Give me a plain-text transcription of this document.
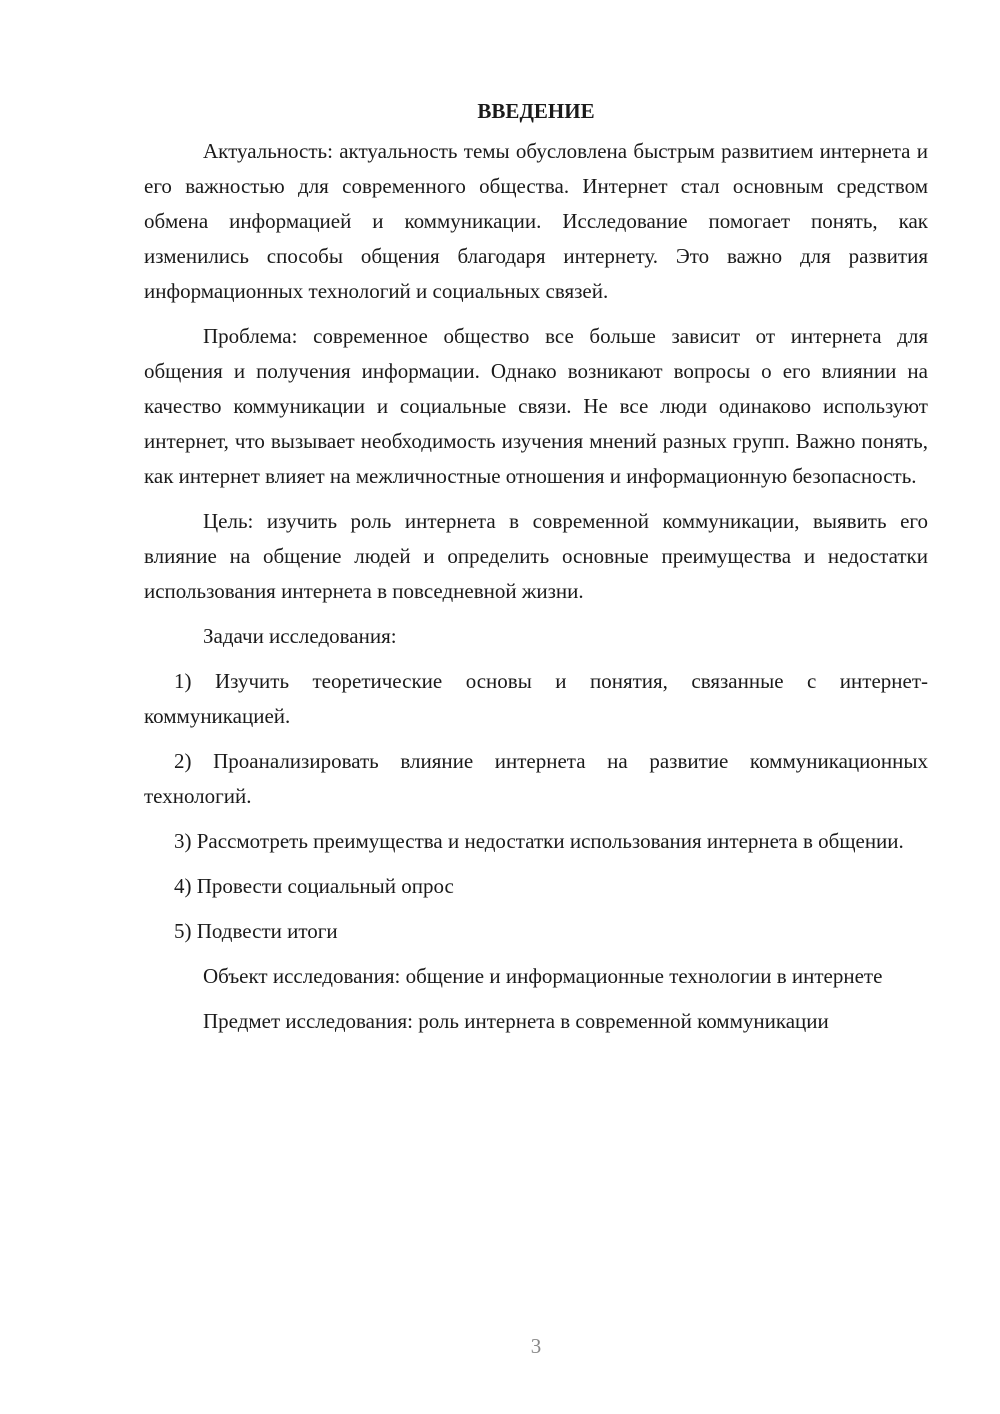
ВВЕДЕНИЕ

Актуальность: актуальность темы обусловлена быстрым развитием интернета и его важностью для современного общества. Интернет стал основным средством обмена информацией и коммуникации. Исследование помогает понять, как изменились способы общения благодаря интернету. Это важно для развития информационных технологий и социальных связей.

Проблема: современное общество все больше зависит от интернета для общения и получения информации. Однако возникают вопросы о его влиянии на качество коммуникации и социальные связи. Не все люди одинаково используют интернет, что вызывает необходимость изучения мнений разных групп. Важно понять, как интернет влияет на межличностные отношения и информационную безопасность.

Цель: изучить роль интернета в современной коммуникации, выявить его влияние на общение людей и определить основные преимущества и недостатки использования интернета в повседневной жизни.

Задачи исследования:

1) Изучить теоретические основы и понятия, связанные с интернет-коммуникацией.

2) Проанализировать влияние интернета на развитие коммуникационных технологий.

3) Рассмотреть преимущества и недостатки использования интернета в общении.

4) Провести социальный опрос

5) Подвести итоги

Объект исследования: общение и информационные технологии в интернете

Предмет исследования: роль интернета в современной коммуникации

3
